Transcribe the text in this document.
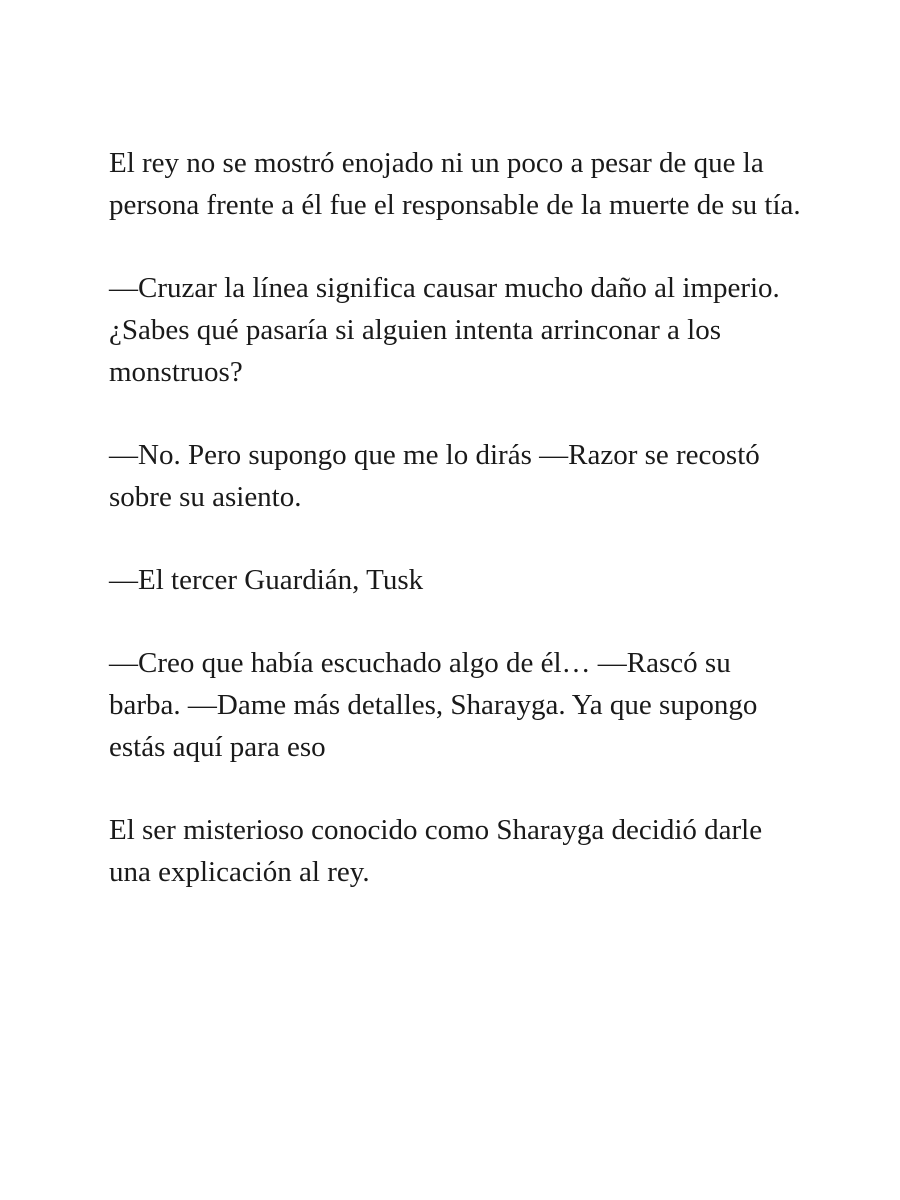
El rey no se mostró enojado ni un poco a pesar de que la persona frente a él fue el responsable de la muerte de su tía.

—Cruzar la línea significa causar mucho daño al imperio. ¿Sabes qué pasaría si alguien intenta arrinconar a los monstruos?

—No. Pero supongo que me lo dirás —Razor se recostó sobre su asiento.

—El tercer Guardián, Tusk

—Creo que había escuchado algo de él… —Rascó su barba. —Dame más detalles, Sharayga. Ya que supongo estás aquí para eso

El ser misterioso conocido como Sharayga decidió darle una explicación al rey.
